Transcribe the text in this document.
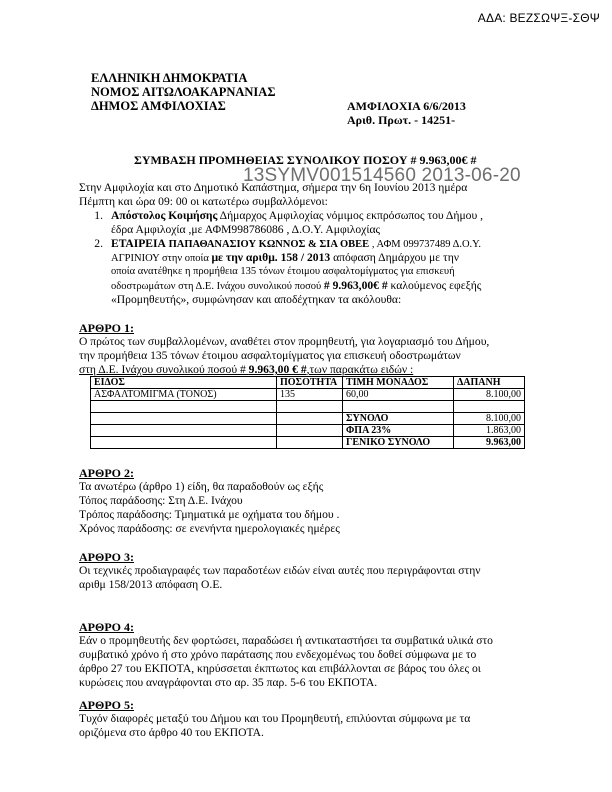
ΑΔΑ: ΒΕΖΣΩΨΞ-ΣΘΨ
ΕΛΛΗΝΙΚΗ ΔΗΜΟΚΡΑΤΙΑ
ΝΟΜΟΣ ΑΙΤΩΛΟΑΚΑΡΝΑΝΙΑΣ
ΔΗΜΟΣ ΑΜΦΙΛΟΧΙΑΣ	ΑΜΦΙΛΟΧΙΑ 6/6/2013
Αριθ. Πρωτ. - 14251-
ΣΥΜΒΑΣΗ ΠΡΟΜΗΘΕΙΑΣ ΣΥΝΟΛΙΚΟΥ ΠΟΣΟΥ # 9.963,00€ #
13SYMV001514560 2013-06-20
Στην Αμφιλοχία και στο Δημοτικό Καπάστημα, σήμερα την 6η Ιουνίου 2013 ημέρα
Πέμπτη και ώρα 09: 00 οι κατωτέρω συμβαλλόμενοι:
1. Απόστολος Κοιμήσης Δήμαρχος Αμφιλοχίας νόμιμος εκπρόσωπος του Δήμου ,
έδρα Αμφιλοχία ,με ΑΦΜ998786086 , Δ.Ο.Υ. Αμφιλοχίας
2. ΕΤΑΙΡΕΙΑ ΠΑΠΑΘΑΝΑΣΙΟΥ ΚΩΝΝΟΣ & ΣΙΑ ΟΒΕΕ , ΑΦΜ 099737489 Δ.Ο.Υ.
ΑΓΡΙΝΙΟΥ στην οποία με την αριθμ. 158 / 2013 απόφαση Δημάρχου με την
οποία ανατέθηκε η προμήθεια 135 τόνων έτοιμου ασφαλτομίγματος για επισκευή
οδοστρωμάτων στη Δ.Ε. Ινάχου συνολικού ποσού # 9.963,00€ # καλούμενος εφεξής
«Προμηθευτής», συμφώνησαν και αποδέχτηκαν τα ακόλουθα:
ΑΡΘΡΟ 1:
Ο πρώτος των συμβαλλομένων, αναθέτει στον προμηθευτή, για λογαριασμό του Δήμου,
την προμήθεια 135 τόνων έτοιμου ασφαλτομίγματος για επισκευή οδοστρωμάτων
στη Δ.Ε. Ινάχου συνολικού ποσού # 9.963,00 € #,των παρακάτω ειδών :
ΕΙΔΟΣ	ΠΟΣΟΤΗΤΑ	ΤΙΜΗ ΜΟΝΑΔΟΣ	ΔΑΠΑΝΗ
ΑΣΦΑΛΤΟΜΙΓΜΑ (ΤΟΝΟΣ)	135	60,00	8.100,00

		ΣΥΝΟΛΟ	8.100,00
		ΦΠΑ 23%	1.863,00
		ΓΕΝΙΚΟ ΣΥΝΟΛΟ	9.963,00
ΑΡΘΡΟ 2:
Τα ανωτέρω (άρθρο 1) είδη, θα παραδοθούν ως εξής
Τόπος παράδοσης: Στη Δ.Ε. Ινάχου
Τρόπος παράδοσης: Τμηματικά με οχήματα του δήμου .
Χρόνος παράδοσης: σε ενενήντα ημερολογιακές ημέρες
ΑΡΘΡΟ 3:
Οι τεχνικές προδιαγραφές των παραδοτέων ειδών είναι αυτές που περιγράφονται στην
αριθμ 158/2013 απόφαση Ο.Ε.
ΑΡΘΡΟ 4:
Εάν ο προμηθευτής δεν φορτώσει, παραδώσει ή αντικαταστήσει τα συμβατικά υλικά στο
συμβατικό χρόνο ή στο χρόνο παράτασης που ενδεχομένως του δοθεί σύμφωνα με το
άρθρο 27 του ΕΚΠΟΤΑ, κηρύσσεται έκπτωτος και επιβάλλονται σε βάρος του όλες οι
κυρώσεις που αναγράφονται στο αρ. 35 παρ. 5-6 του ΕΚΠΟΤΑ.
ΑΡΘΡΟ 5:
Τυχόν διαφορές μεταξύ του Δήμου και του Προμηθευτή, επιλύονται σύμφωνα με τα
οριζόμενα στο άρθρο 40 του ΕΚΠΟΤΑ.
